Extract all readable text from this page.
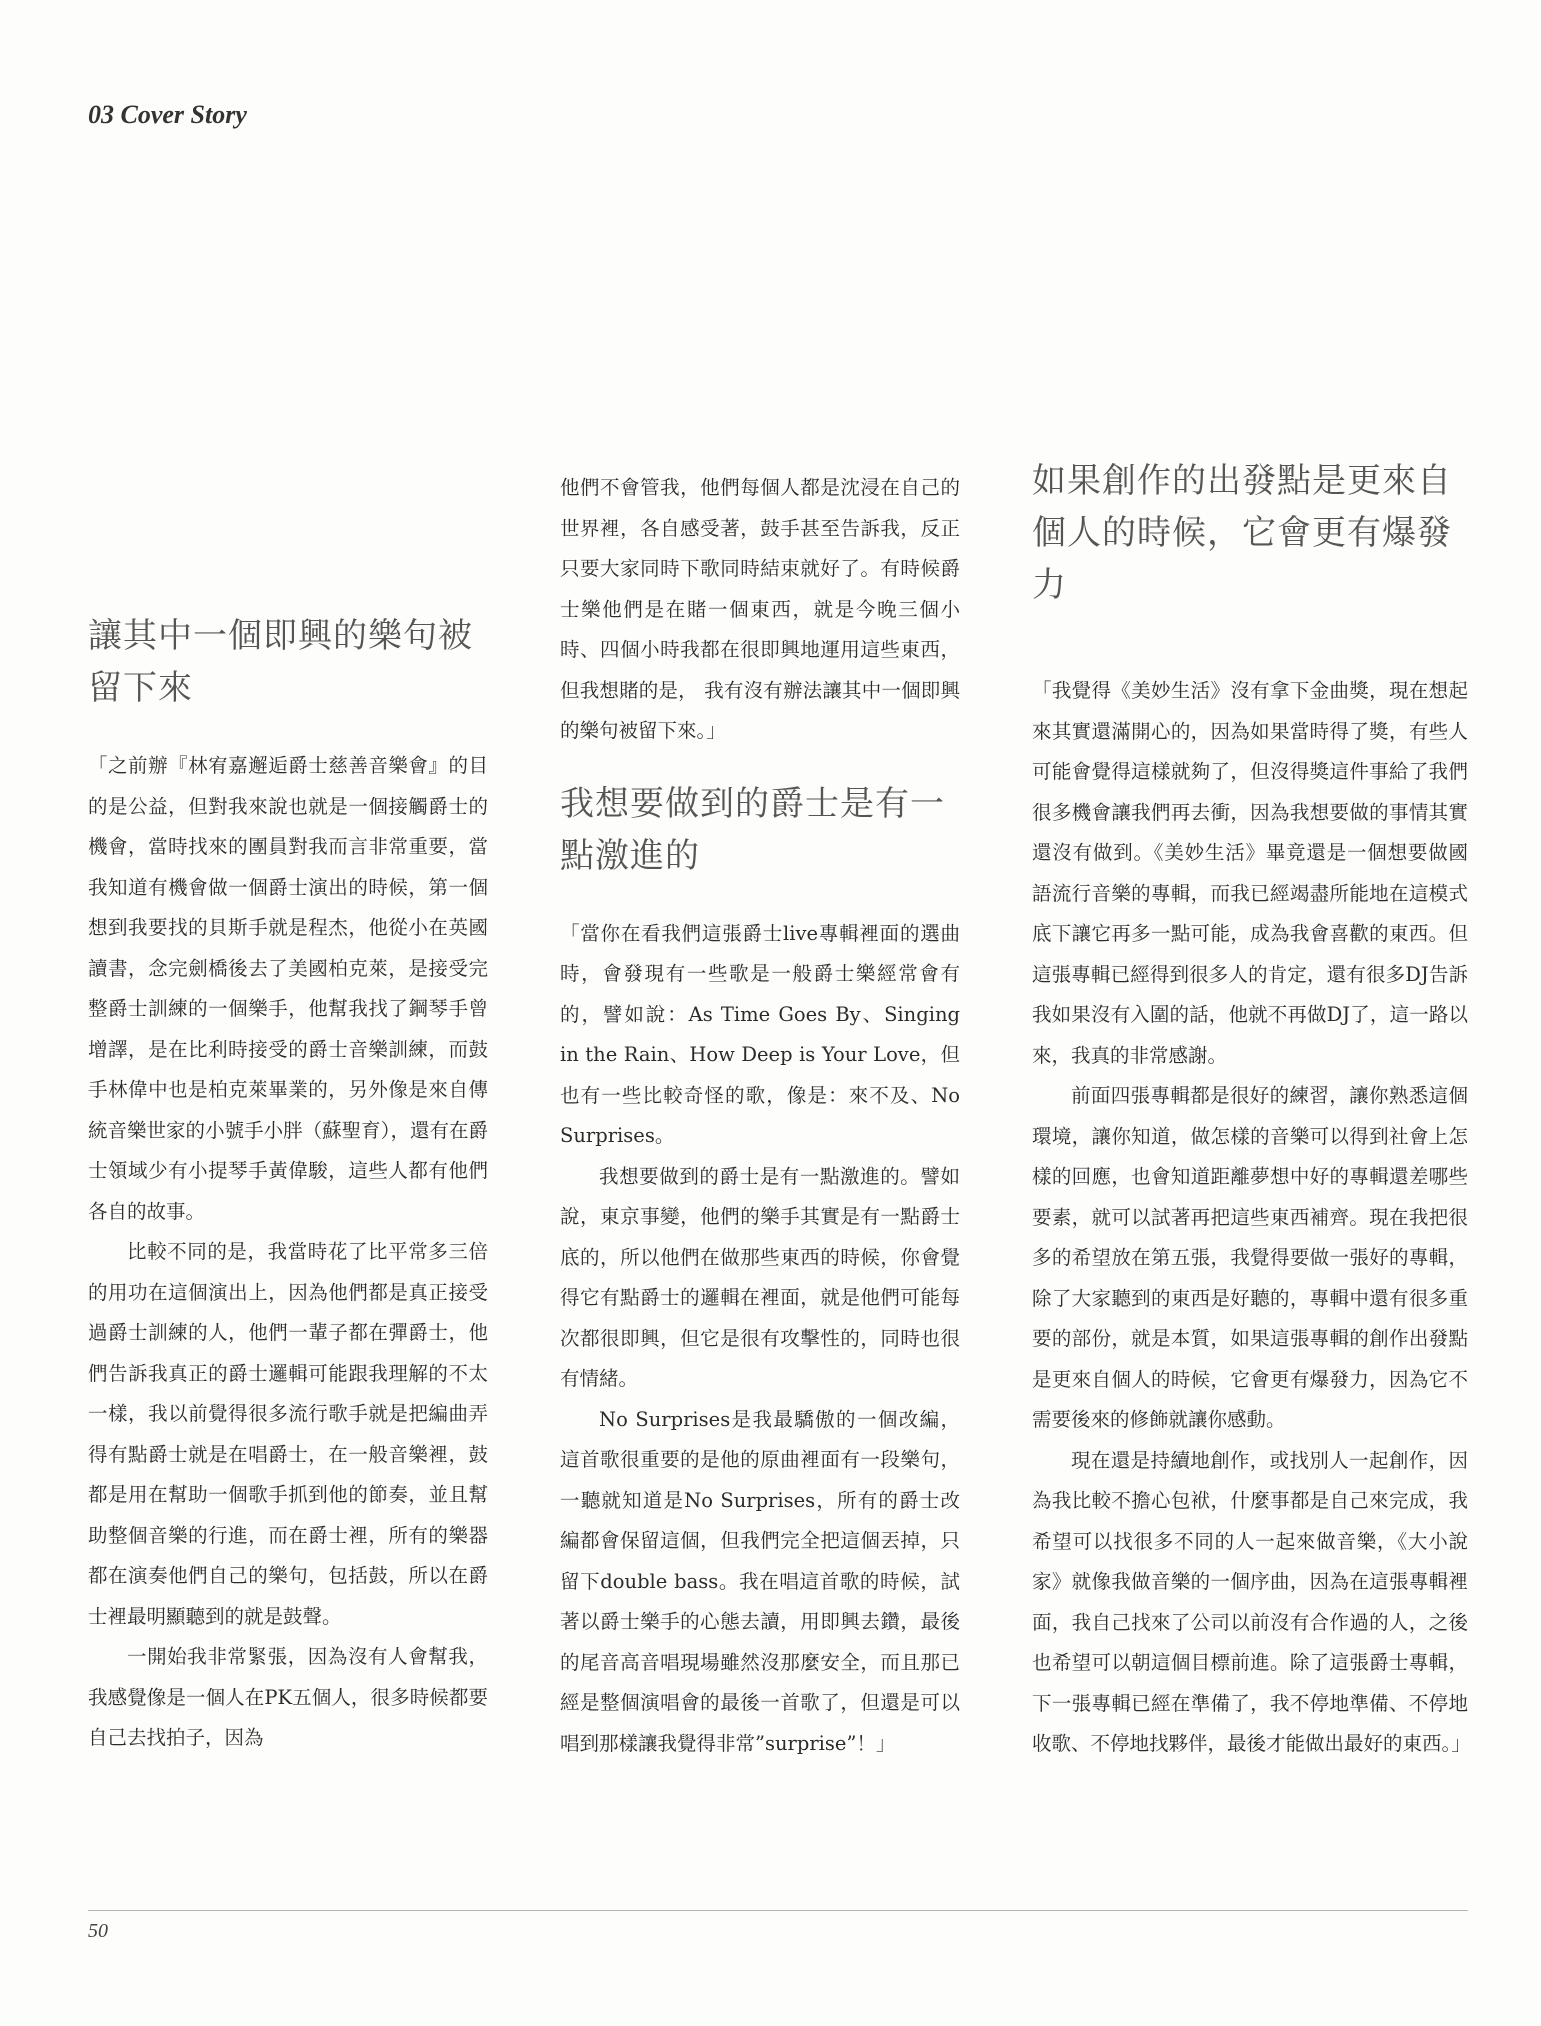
03 Cover Story
讓其中一個即興的樂句被留下來

「之前辦『林宥嘉邂逅爵士慈善音樂會』的目的是公益，但對我來說也就是一個接觸爵士的機會，當時找來的團員對我而言非常重要，當我知道有機會做一個爵士演出的時候，第一個想到我要找的貝斯手就是程杰，他從小在英國讀書，念完劍橋後去了美國柏克萊，是接受完整爵士訓練的一個樂手，他幫我找了鋼琴手曾增譯，是在比利時接受的爵士音樂訓練，而鼓手林偉中也是柏克萊畢業的，另外像是來自傳統音樂世家的小號手小胖（蘇聖育），還有在爵士領域少有小提琴手黃偉駿，這些人都有他們各自的故事。

比較不同的是，我當時花了比平常多三倍的用功在這個演出上，因為他們都是真正接受過爵士訓練的人，他們一輩子都在彈爵士，他們告訴我真正的爵士邏輯可能跟我理解的不太一樣，我以前覺得很多流行歌手就是把編曲弄得有點爵士就是在唱爵士，在一般音樂裡，鼓都是用在幫助一個歌手抓到他的節奏，並且幫助整個音樂的行進，而在爵士裡，所有的樂器都在演奏他們自己的樂句，包括鼓，所以在爵士裡最明顯聽到的就是鼓聲。

一開始我非常緊張，因為沒有人會幫我，我感覺像是一個人在PK五個人，很多時候都要自己去找拍子，因為

他們不會管我，他們每個人都是沈浸在自己的世界裡，各自感受著，鼓手甚至告訴我，反正只要大家同時下歌同時結束就好了。有時候爵士樂他們是在賭一個東西，就是今晚三個小時、四個小時我都在很即興地運用這些東西，但我想賭的是， 我有沒有辦法讓其中一個即興的樂句被留下來。」

我想要做到的爵士是有一點激進的

「當你在看我們這張爵士live專輯裡面的選曲時，會發現有一些歌是一般爵士樂經常會有的，譬如說：As Time Goes By、Singing in the Rain、How Deep is Your Love，但也有一些比較奇怪的歌，像是：來不及、No Surprises。

我想要做到的爵士是有一點激進的。譬如說，東京事變，他們的樂手其實是有一點爵士底的，所以他們在做那些東西的時候，你會覺得它有點爵士的邏輯在裡面，就是他們可能每次都很即興，但它是很有攻擊性的，同時也很有情緒。

No Surprises是我最驕傲的一個改編，這首歌很重要的是他的原曲裡面有一段樂句，一聽就知道是No Surprises，所有的爵士改編都會保留這個，但我們完全把這個丟掉，只留下double bass。我在唱這首歌的時候，試著以爵士樂手的心態去讀，用即興去鑽，最後的尾音高音唱現場雖然沒那麼安全，而且那已經是整個演唱會的最後一首歌了，但還是可以唱到那樣讓我覺得非常”surprise”！」

如果創作的出發點是更來自個人的時候，它會更有爆發力

「我覺得《美妙生活》沒有拿下金曲獎，現在想起來其實還滿開心的，因為如果當時得了獎，有些人可能會覺得這樣就夠了，但沒得獎這件事給了我們很多機會讓我們再去衝，因為我想要做的事情其實還沒有做到。《美妙生活》畢竟還是一個想要做國語流行音樂的專輯，而我已經竭盡所能地在這模式底下讓它再多一點可能，成為我會喜歡的東西。但這張專輯已經得到很多人的肯定，還有很多DJ告訴我如果沒有入圍的話，他就不再做DJ了，這一路以來，我真的非常感謝。

前面四張專輯都是很好的練習，讓你熟悉這個環境，讓你知道，做怎樣的音樂可以得到社會上怎樣的回應，也會知道距離夢想中好的專輯還差哪些要素，就可以試著再把這些東西補齊。現在我把很多的希望放在第五張，我覺得要做一張好的專輯，除了大家聽到的東西是好聽的，專輯中還有很多重要的部份，就是本質，如果這張專輯的創作出發點是更來自個人的時候，它會更有爆發力，因為它不需要後來的修飾就讓你感動。

現在還是持續地創作，或找別人一起創作，因為我比較不擔心包袱，什麼事都是自己來完成，我希望可以找很多不同的人一起來做音樂，《大小說家》就像我做音樂的一個序曲，因為在這張專輯裡面，我自己找來了公司以前沒有合作過的人，之後也希望可以朝這個目標前進。除了這張爵士專輯，下一張專輯已經在準備了，我不停地準備、不停地收歌、不停地找夥伴，最後才能做出最好的東西。」

50
